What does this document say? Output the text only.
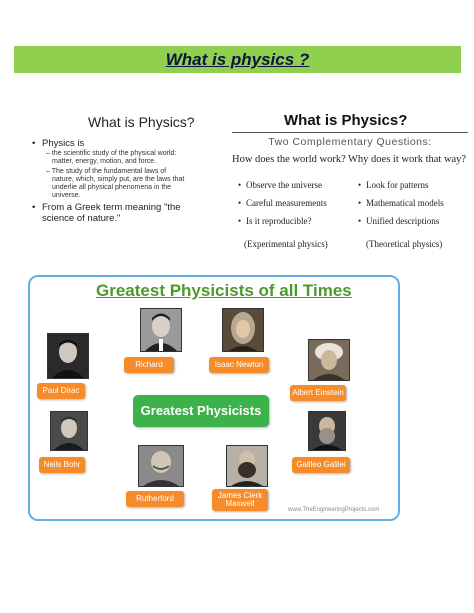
What is physics ?
What is Physics?
• Physics is
– the scientific study of the physical world:
matter, energy, motion, and force.
– The study of the fundamental laws of
nature, which, simply put, are the laws that
underlie all physical phenomena in the
universe.
• From a Greek term meaning "the
science of nature."
What is Physics?
Two Complementary Questions:
How does the world work? Why does it work that way?
• Observe the universe
• Careful measurements
• Is it reproducible?
• Look for patterns
• Mathematical models
• Unified descriptions
(Experimental physics)	(Theoretical physics)
Greatest Physicists of all Times
Richard	Isaac Newton
Paul Dirac	Albert Einstein
Neils Bohr	Galileo Galilei
Rutherford	James Clerk Maxwell
Greatest Physicists
www.TheEngineeringProjects.com
